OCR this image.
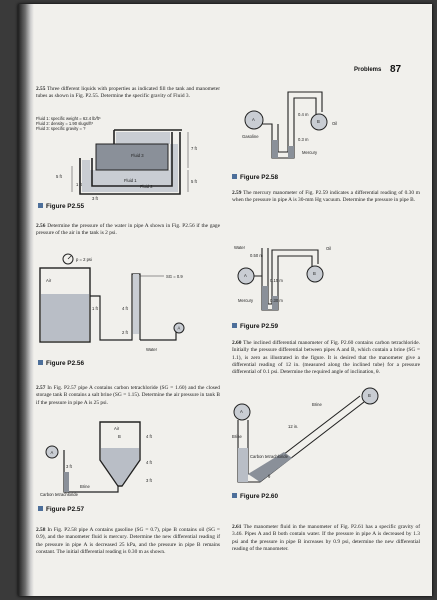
Problems 87
2.55 Three different liquids with properties as indicated fill the tank and manometer tubes as shown in Fig. P2.55. Determine the specific gravity of Fluid 3.
Fluid 1: specific weight = 62.4 lb/ft³
Fluid 2: density = 1.90 slugs/ft³
Fluid 3: specific gravity = ?
Fluid 3
Fluid 1
Fluid 2
7 ft
5 ft
5 ft
3 ft
1 ft
Figure P2.55
2.56 Determine the pressure of the water in pipe A shown in Fig. P2.56 if the gage pressure of the air in the tank is 2 psi.
p = 2 psi
Air
SG = 0.9
1 ft	4 ft
2 ft
A
Water
Figure P2.56
2.57 In Fig. P2.57 pipe A contains carbon tetrachloride (SG = 1.60) and the closed storage tank B contains a salt brine (SG = 1.15). Determine the air pressure in tank B if the pressure in pipe A is 25 psi.
Air
B	4 ft
4 ft
3 ft
A
3 ft
Brine
Carbon tetrachloride
Figure P2.57
2.58 In Fig. P2.58 pipe A contains gasoline (SG = 0.7), pipe B contains oil (SG = 0.9), and the manometer fluid is mercury. Determine the new differential reading if the pressure in pipe A is decreased 25 kPa, and the pressure in pipe B remains constant. The initial differential reading is 0.30 m as shown.
A	B	Oil
0.4 m
0.3 m
Gasoline
Mercury
Figure P2.58
2.59 The mercury manometer of Fig. P2.59 indicates a differential reading of 0.30 m when the pressure in pipe A is 30-mm Hg vacuum. Determine the pressure in pipe B.
Water
0.50 m
A	B
Oil
0.15 m
0.30 m
Mercury
Figure P2.59
2.60 The inclined differential manometer of Fig. P2.60 contains carbon tetrachloride. Initially the pressure differential between pipes A and B, which contain a brine (SG = 1.1), is zero as illustrated in the figure. It is desired that the manometer give a differential reading of 12 in. (measured along the inclined tube) for a pressure differential of 0.1 psi. Determine the required angle of inclination, θ.
A
B
Brine
Brine
12 in.
θ
Carbon tetrachloride
Figure P2.60
2.61 The manometer fluid in the manometer of Fig. P2.61 has a specific gravity of 3.46. Pipes A and B both contain water. If the pressure in pipe A is decreased by 1.3 psi and the pressure in pipe B increases by 0.9 psi, determine the new differential reading of the manometer.
